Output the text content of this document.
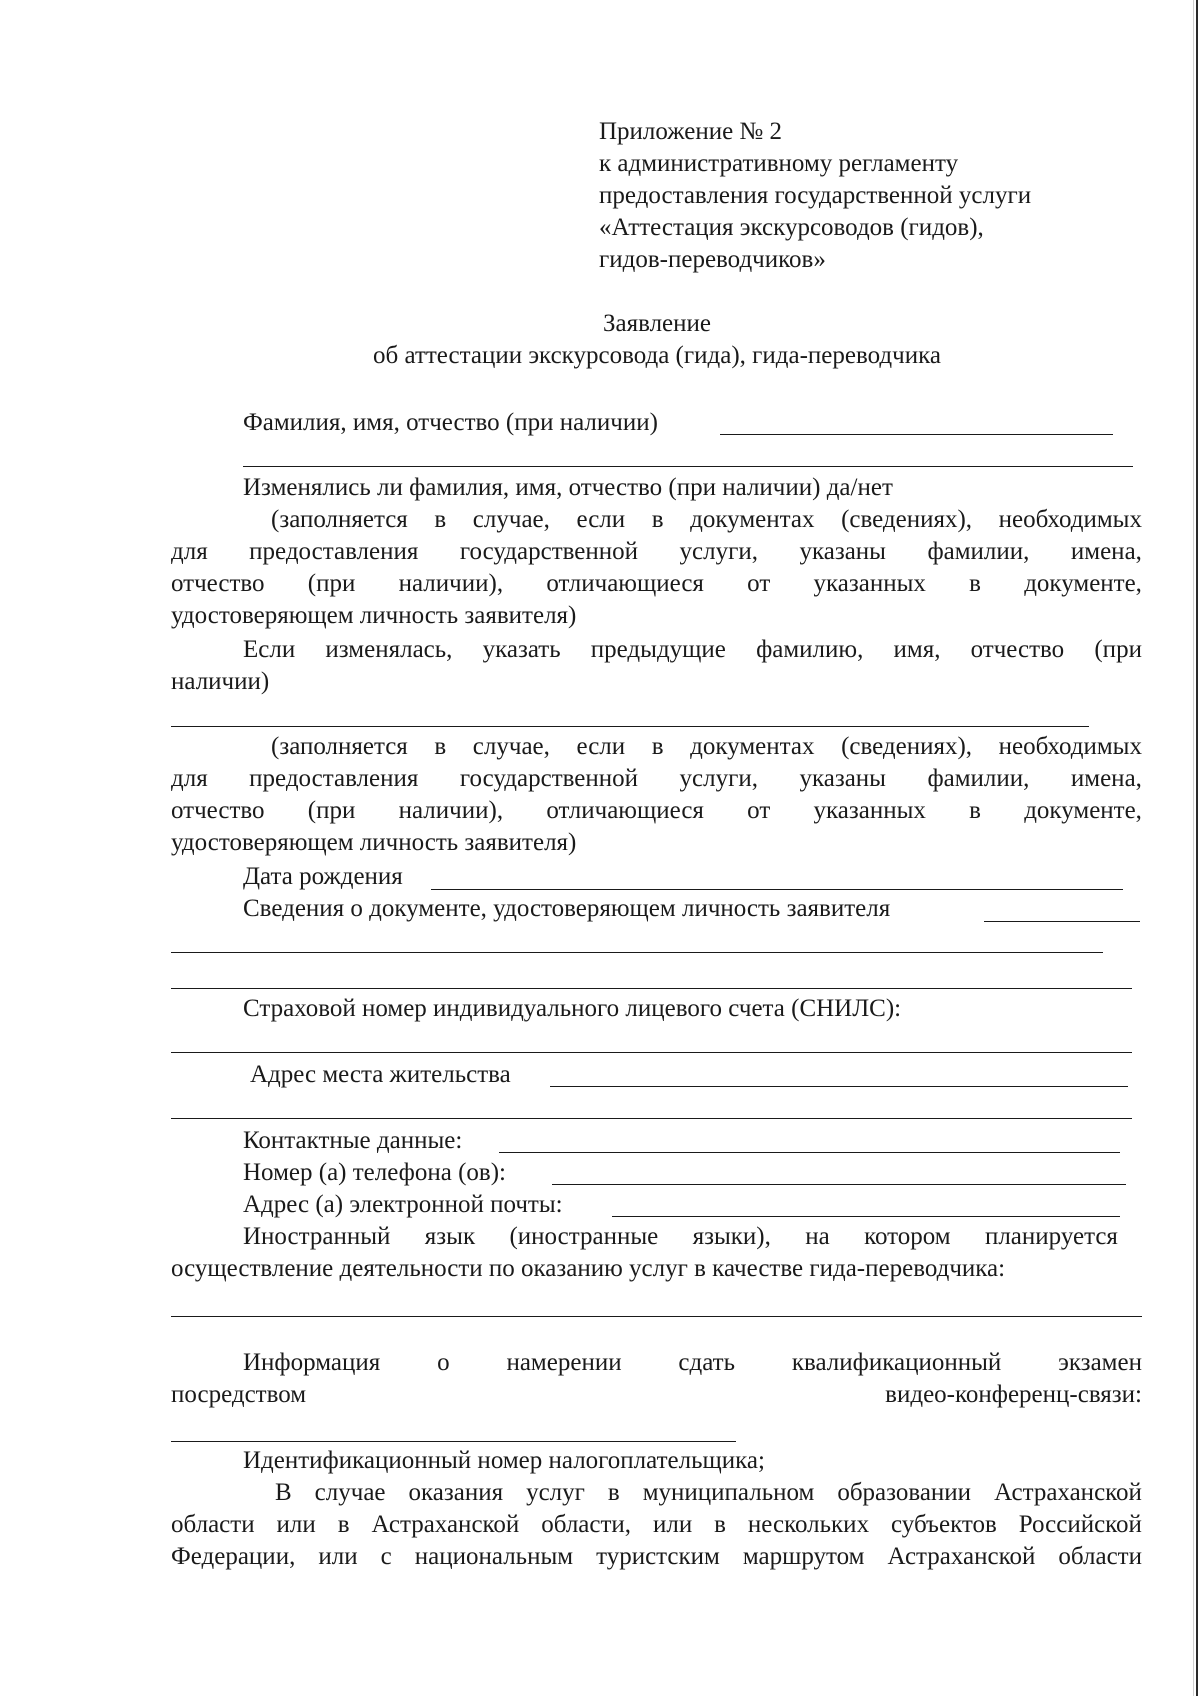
Приложение № 2
к административному регламенту
предоставления государственной услуги
«Аттестация экскурсоводов (гидов),
гидов-переводчиков»
Заявление
об аттестации экскурсовода (гида), гида-переводчика
Фамилия, имя, отчество (при наличии)
Изменялись ли фамилия, имя, отчество (при наличии) да/нет
(заполняется в случае, если в документах (сведениях), необходимых
для предоставления государственной услуги, указаны фамилии, имена,
отчество (при наличии), отличающиеся от указанных в документе,
удостоверяющем личность заявителя)
Если изменялась, указать предыдущие фамилию, имя, отчество (при
наличии)
(заполняется в случае, если в документах (сведениях), необходимых
для предоставления государственной услуги, указаны фамилии, имена,
отчество (при наличии), отличающиеся от указанных в документе,
удостоверяющем личность заявителя)
Дата рождения
Сведения о документе, удостоверяющем личность заявителя
Страховой номер индивидуального лицевого счета (СНИЛС):
Адрес места жительства
Контактные данные:
Номер (а) телефона (ов):
Адрес (а) электронной почты:
Иностранный язык (иностранные языки), на котором планируется
осуществление деятельности по оказанию услуг в качестве гида-переводчика:
Информация о намерении сдать квалификационный экзамен
посредством	видео-конференц-связи:
Идентификационный номер налогоплательщика;
В случае оказания услуг в муниципальном образовании Астраханской
области или в Астраханской области, или в нескольких субъектов Российской
Федерации, или с национальным туристским маршрутом Астраханской области
